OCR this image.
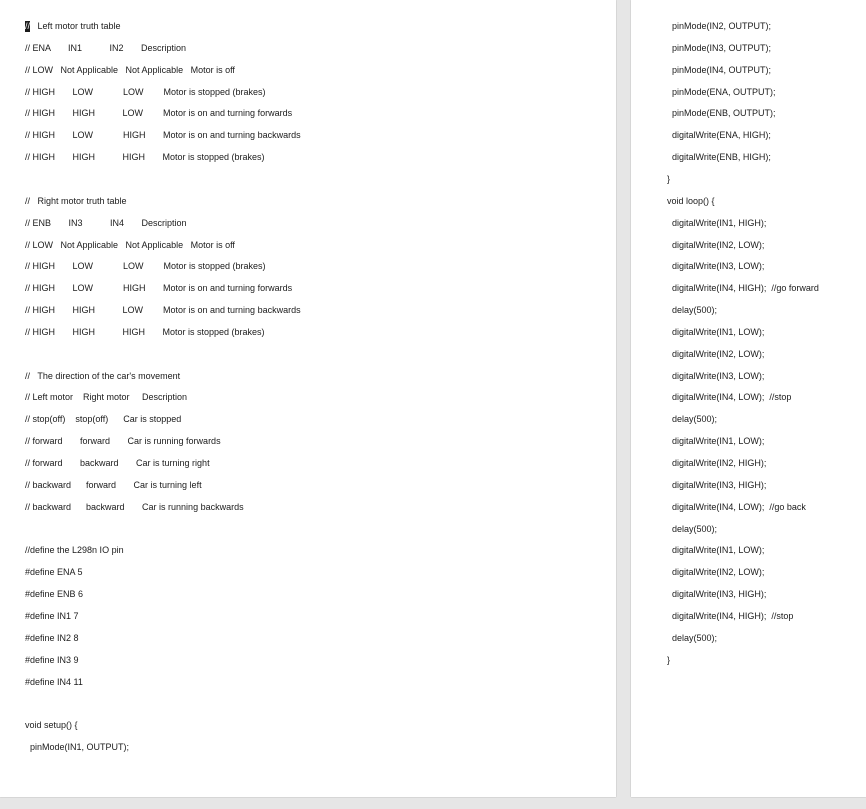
//   Left motor truth table
// ENA       IN1           IN2       Description
// LOW   Not Applicable   Not Applicable   Motor is off
// HIGH       LOW            LOW        Motor is stopped (brakes)
// HIGH       HIGH           LOW        Motor is on and turning forwards
// HIGH       LOW            HIGH       Motor is on and turning backwards
// HIGH       HIGH           HIGH       Motor is stopped (brakes)
//   Right motor truth table
// ENB       IN3           IN4       Description
// LOW   Not Applicable   Not Applicable   Motor is off
// HIGH       LOW            LOW        Motor is stopped (brakes)
// HIGH       LOW            HIGH       Motor is on and turning forwards
// HIGH       HIGH           LOW        Motor is on and turning backwards
// HIGH       HIGH           HIGH       Motor is stopped (brakes)
//   The direction of the car's movement
// Left motor    Right motor     Description
// stop(off)    stop(off)      Car is stopped
// forward       forward       Car is running forwards
// forward       backward       Car is turning right
// backward      forward       Car is turning left
// backward      backward       Car is running backwards
//define the L298n IO pin
#define ENA 5
#define ENB 6
#define IN1 7
#define IN2 8
#define IN3 9
#define IN4 11
void setup() {
pinMode(IN1, OUTPUT);
pinMode(IN2, OUTPUT);
pinMode(IN3, OUTPUT);
pinMode(IN4, OUTPUT);
pinMode(ENA, OUTPUT);
pinMode(ENB, OUTPUT);
digitalWrite(ENA, HIGH);
digitalWrite(ENB, HIGH);
}
void loop() {
digitalWrite(IN1, HIGH);
digitalWrite(IN2, LOW);
digitalWrite(IN3, LOW);
digitalWrite(IN4, HIGH);  //go forward
delay(500);
digitalWrite(IN1, LOW);
digitalWrite(IN2, LOW);
digitalWrite(IN3, LOW);
digitalWrite(IN4, LOW);  //stop
delay(500);
digitalWrite(IN1, LOW);
digitalWrite(IN2, HIGH);
digitalWrite(IN3, HIGH);
digitalWrite(IN4, LOW);  //go back
delay(500);
digitalWrite(IN1, LOW);
digitalWrite(IN2, LOW);
digitalWrite(IN3, HIGH);
digitalWrite(IN4, HIGH);  //stop
delay(500);
}
